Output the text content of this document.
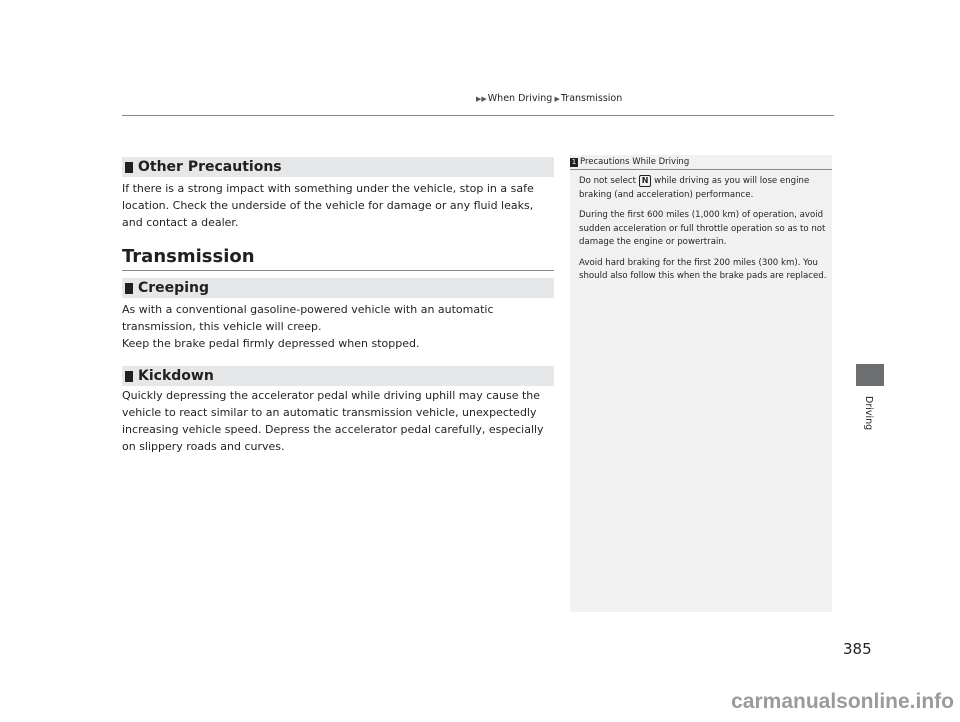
▶▶When Driving ▶Transmission
Driving
Other Precautions

If there is a strong impact with something under the vehicle, stop in a safe location. Check the underside of the vehicle for damage or any fluid leaks, and contact a dealer.

Transmission
Creeping

As with a conventional gasoline-powered vehicle with an automatic transmission, this vehicle will creep.

Keep the brake pedal firmly depressed when stopped.

Kickdown

Quickly depressing the accelerator pedal while driving uphill may cause the vehicle to react similar to an automatic transmission vehicle, unexpectedly increasing vehicle speed. Depress the accelerator pedal carefully, especially on slippery roads and curves.

1 Precautions While Driving

Do not select N while driving as you will lose engine braking (and acceleration) performance.

During the first 600 miles (1,000 km) of operation, avoid sudden acceleration or full throttle operation so as to not damage the engine or powertrain.

Avoid hard braking for the first 200 miles (300 km). You should also follow this when the brake pads are replaced.

385
carmanualsonline.info
